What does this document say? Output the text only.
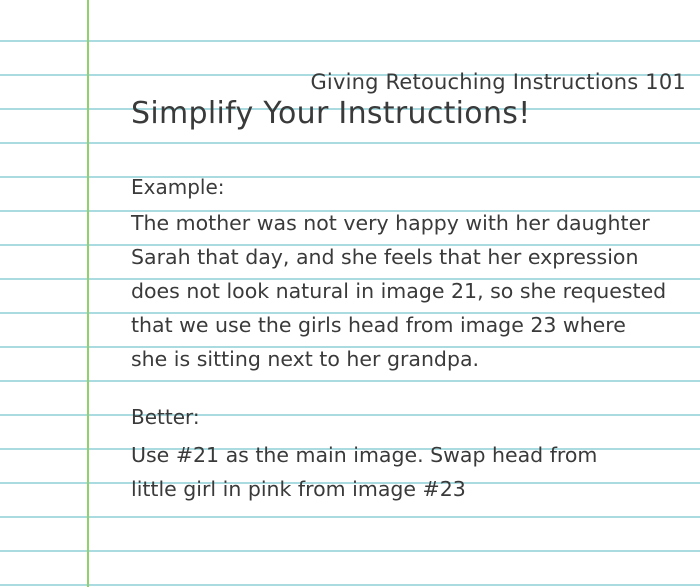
Giving Retouching Instructions 101
Simplify Your Instructions!
Example:
The mother was not very happy with her daughter
Sarah that day, and she feels that her expression
does not look natural in image 21, so she requested
that we use the girls head from image 23 where
she is sitting next to her grandpa.
Better:
Use #21 as the main image. Swap head from
little girl in pink from image #23
